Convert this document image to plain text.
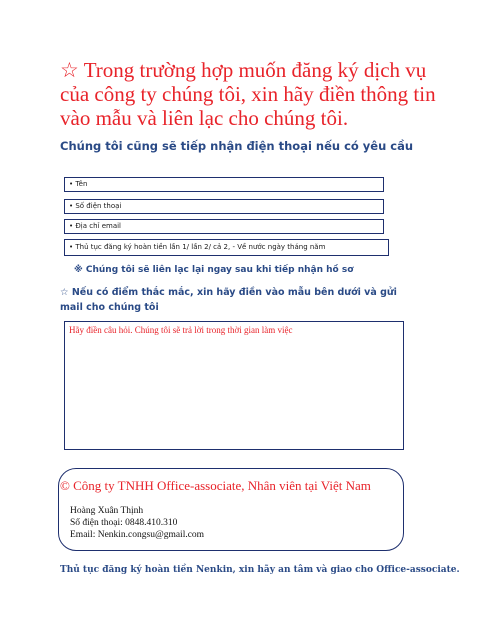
☆ Trong trường hợp muốn đăng ký dịch vụ của công ty chúng tôi, xin hãy điền thông tin vào mẫu và liên lạc cho chúng tôi.
Chúng tôi cũng sẽ tiếp nhận điện thoại nếu có yêu cầu
• Tên
• Số điện thoại
• Địa chỉ email
• Thủ tục đăng ký hoàn tiền lần 1/ lần 2/ cả 2, - Về nước ngày tháng năm
※ Chúng tôi sẽ liên lạc lại ngay sau khi tiếp nhận hồ sơ
☆ Nếu có điểm thắc mắc, xin hãy điền vào mẫu bên dưới và gửi mail cho chúng tôi
Hãy điền câu hỏi. Chúng tôi sẽ trả lời trong thời gian làm việc
© Công ty TNHH Office-associate, Nhân viên tại Việt Nam
Hoàng Xuân Thịnh
Số điện thoại: 0848.410.310
Email: Nenkin.congsu@gmail.com
Thủ tục đăng ký hoàn tiền Nenkin, xin hãy an tâm và giao cho Office-associate.
